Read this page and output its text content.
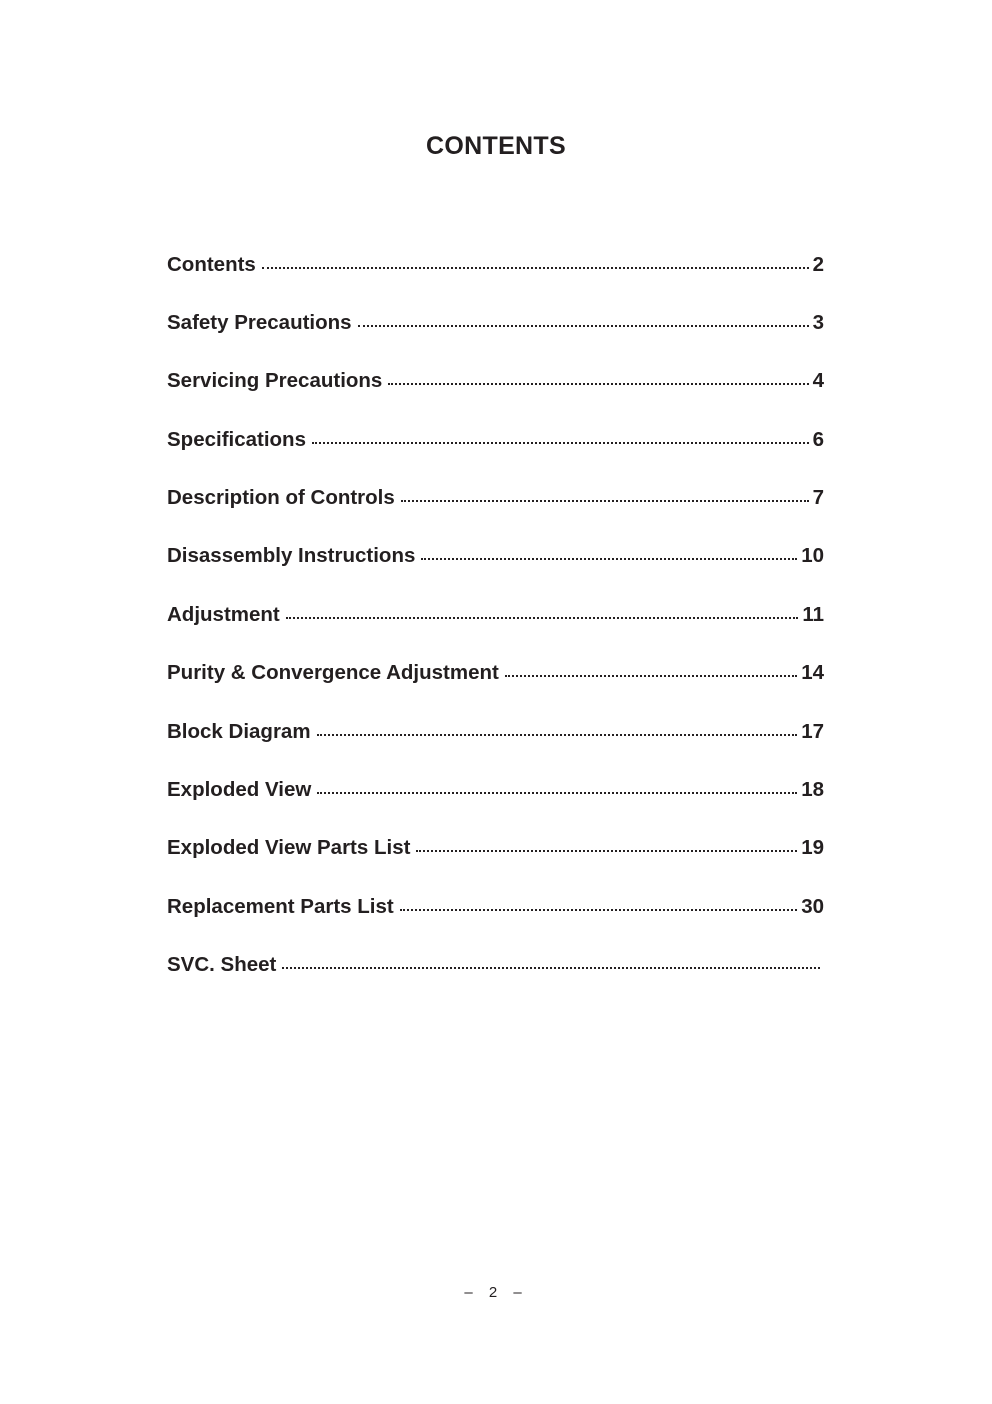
CONTENTS
Contents	2
Safety Precautions	3
Servicing Precautions	4
Specifications	6
Description of Controls	7
Disassembly Instructions	10
Adjustment	11
Purity & Convergence Adjustment	14
Block Diagram	17
Exploded View	18
Exploded View Parts List	19
Replacement Parts List	30
SVC. Sheet
– 2 –
